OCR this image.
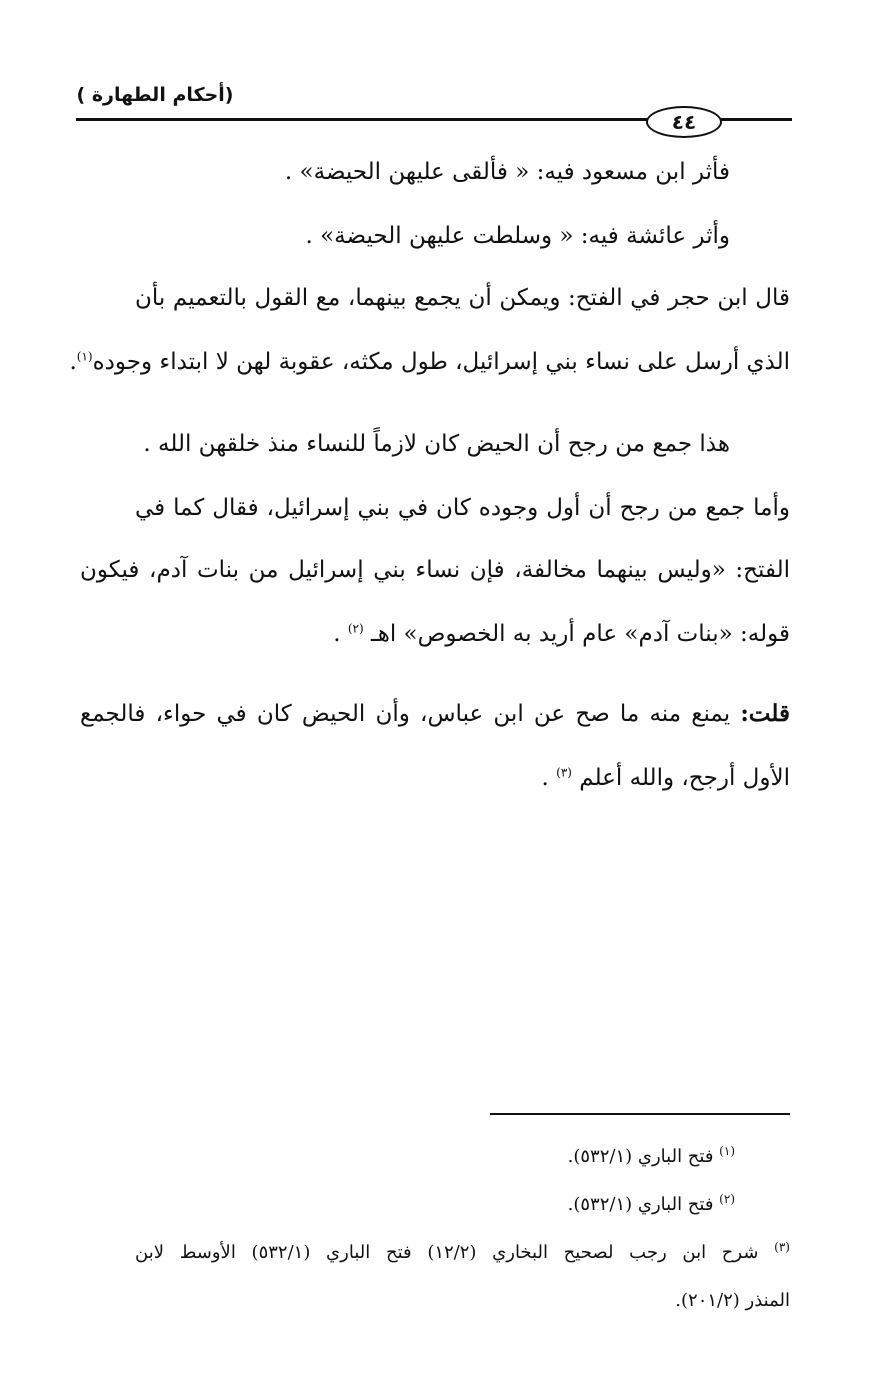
(أحكام الطهارة )
٤٤
فأثر ابن مسعود فيه: « فألقى عليهن الحيضة» .
وأثر عائشة فيه: « وسلطت عليهن الحيضة» .
قال ابن حجر في الفتح: ويمكن أن يجمع بينهما، مع القول بالتعميم بأن
الذي أرسل على نساء بني إسرائيل، طول مكثه، عقوبة لهن لا ابتداء وجوده$^{(١)}$.
هذا جمع من رجح أن الحيض كان لازماً للنساء منذ خلقهن الله .
وأما جمع من رجح أن أول وجوده كان في بني إسرائيل، فقال كما في
الفتح: «وليس بينهما مخالفة، فإن نساء بني إسرائيل من بنات آدم، فيكون
قوله: «بنات آدم» عام أريد به الخصوص» اهـ $^{(٢)}$ .
قلت: يمنع منه ما صح عن ابن عباس، وأن الحيض كان في حواء، فالجمع
الأول أرجح، والله أعلم $^{(٣)}$ .
$^{(١)}$ فتح الباري (٥٣٢/١).
$^{(٢)}$ فتح الباري (٥٣٢/١).
$^{(٣)}$ شرح ابن رجب لصحيح البخاري (١٢/٢) فتح الباري (٥٣٢/١) الأوسط لابن
المنذر (٢٠١/٢).
